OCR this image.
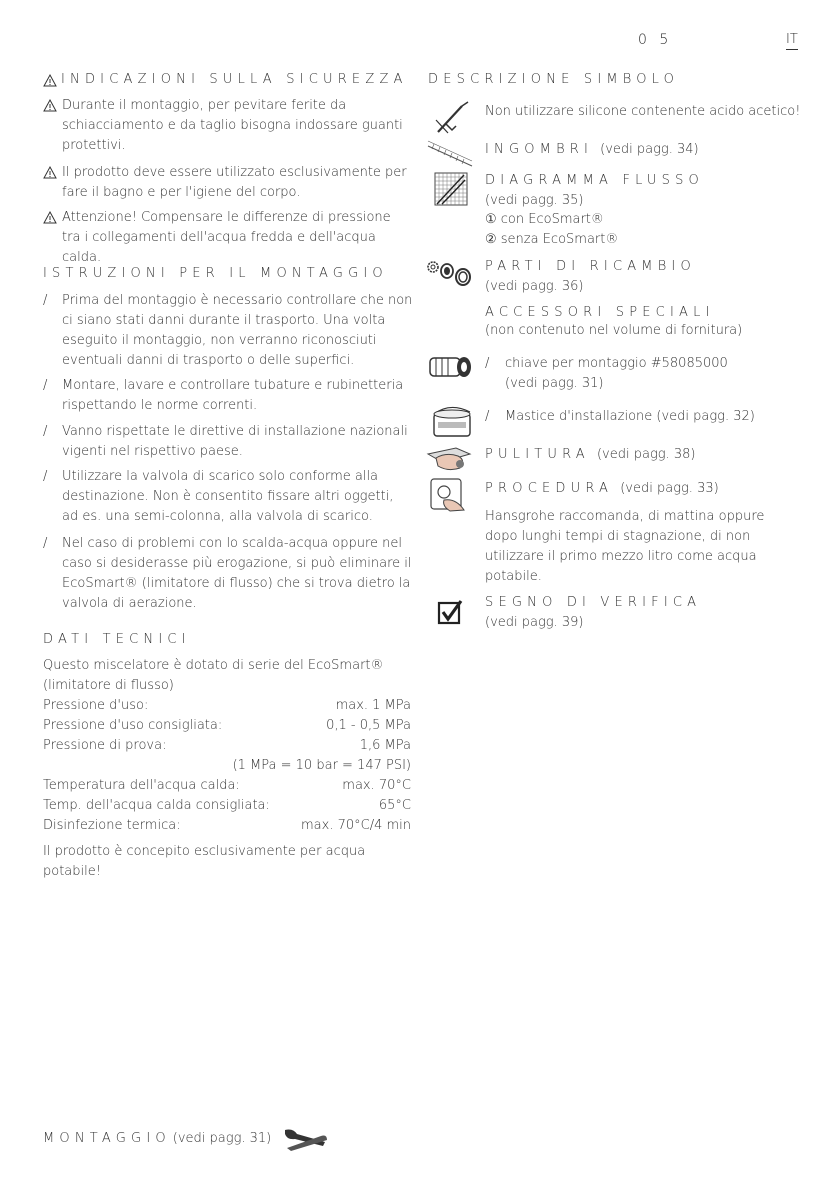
0 5	IT
INDICAZIONI SULLA SICUREZZA
Durante il montaggio, per pevitare ferite da schiacciamento e da taglio bisogna indossare guanti protettivi.
Il prodotto deve essere utilizzato esclusivamente per fare il bagno e per l'igiene del corpo.
Attenzione! Compensare le differenze di pressione tra i collegamenti dell'acqua fredda e dell'acqua calda.
ISTRUZIONI PER IL MONTAGGIO
/	Prima del montaggio è necessario controllare che non ci siano stati danni durante il trasporto. Una volta eseguito il montaggio, non verranno riconosciuti eventuali danni di trasporto o delle superfici.
/	Montare, lavare e controllare tubature e rubinetteria rispettando le norme correnti.
/	Vanno rispettate le direttive di installazione nazionali vigenti nel rispettivo paese.
/	Utilizzare la valvola di scarico solo conforme alla destinazione. Non è consentito fissare altri oggetti, ad es. una semi-colonna, alla valvola di scarico.
/	Nel caso di problemi con lo scalda-acqua oppure nel caso si desiderasse più erogazione, si può eliminare il EcoSmart® (limitatore di flusso) che si trova dietro la valvola di aerazione.
DATI TECNICI
Questo miscelatore è dotato di serie del EcoSmart®
(limitatore di flusso)
Pressione d'uso:	max. 1 MPa
Pressione d'uso consigliata:	0,1 - 0,5 MPa
Pressione di prova:	1,6 MPa
(1 MPa = 10 bar = 147 PSI)
Temperatura dell'acqua calda:	max. 70°C
Temp. dell'acqua calda consigliata:	65°C
Disinfezione termica:	max. 70°C/4 min
Il prodotto è concepito esclusivamente per acqua potabile!
DESCRIZIONE SIMBOLO
Non utilizzare silicone contenente acido acetico!
INGOMBRI (vedi pagg. 34)
DIAGRAMMA FLUSSO
(vedi pagg. 35)
① con EcoSmart®
② senza EcoSmart®
PARTI DI RICAMBIO
(vedi pagg. 36)
ACCESSORI SPECIALI
(non contenuto nel volume di fornitura)
/ chiave per montaggio #58085000
(vedi pagg. 31)
/ Mastice d'installazione (vedi pagg. 32)
PULITURA (vedi pagg. 38)
PROCEDURA (vedi pagg. 33)
Hansgrohe raccomanda, di mattina oppure dopo lunghi tempi di stagnazione, di non utilizzare il primo mezzo litro come acqua potabile.
SEGNO DI VERIFICA
(vedi pagg. 39)
MONTAGGIO (vedi pagg. 31)
